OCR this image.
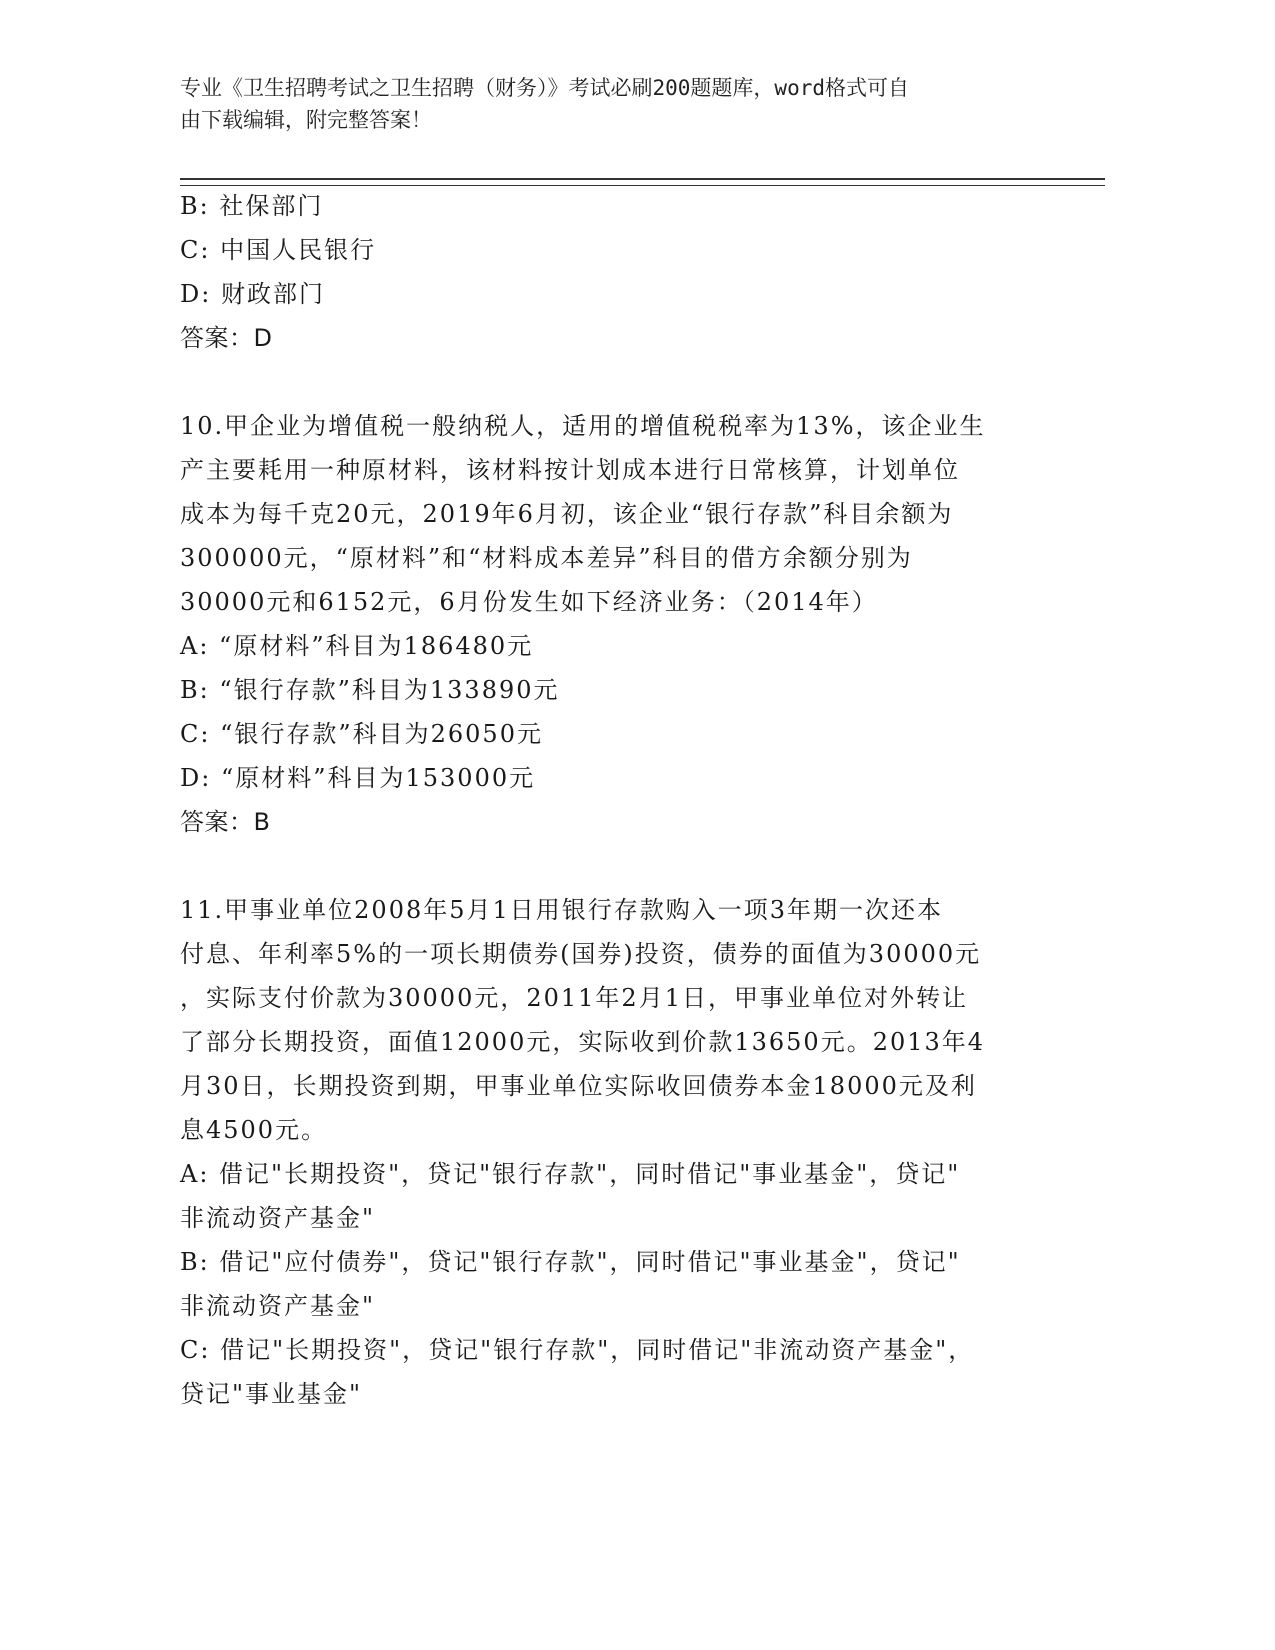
专业《卫生招聘考试之卫生招聘（财务）》考试必刷200题题库，word格式可自
由下载编辑，附完整答案！
B: 社保部门
C: 中国人民银行
D: 财政部门
答案：D
10.甲企业为增值税一般纳税人，适用的增值税税率为13%，该企业生
产主要耗用一种原材料，该材料按计划成本进行日常核算，计划单位
成本为每千克20元，2019年6月初，该企业“银行存款”科目余额为
300000元，“原材料”和“材料成本差异”科目的借方余额分别为
30000元和6152元，6月份发生如下经济业务：（2014年）
A: “原材料”科目为186480元
B: “银行存款”科目为133890元
C: “银行存款”科目为26050元
D: “原材料”科目为153000元
答案：B
11.甲事业单位2008年5月1日用银行存款购入一项3年期一次还本
付息、年利率5%的一项长期债券(国券)投资，债券的面值为30000元
，实际支付价款为30000元，2011年2月1日，甲事业单位对外转让
了部分长期投资，面值12000元，实际收到价款13650元。2013年4
月30日，长期投资到期，甲事业单位实际收回债券本金18000元及利
息4500元。
A: 借记"长期投资"，贷记"银行存款"，同时借记"事业基金"，贷记"
非流动资产基金"
B: 借记"应付债券"，贷记"银行存款"，同时借记"事业基金"，贷记"
非流动资产基金"
C: 借记"长期投资"，贷记"银行存款"，同时借记"非流动资产基金"，
贷记"事业基金"
